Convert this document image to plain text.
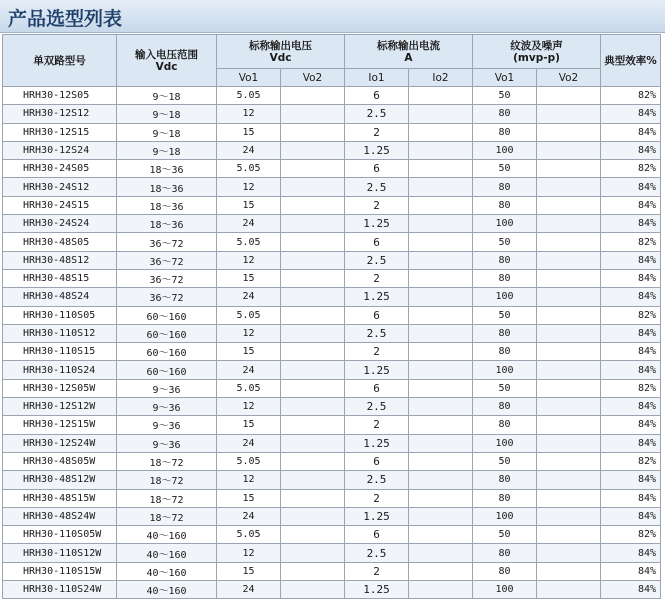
产品选型列表
单双路型号	输入电压范围
Vdc	标称输出电压
Vdc		标称输出电流
A		纹波及噪声
(mvp-p)		典型效率%
		Vo1	Vo2	Io1	Io2	Vo1	Vo2	
HRH30-12S05	9～18	5.05		6		50		82%
HRH30-12S12	9～18	12		2.5		80		84%
HRH30-12S15	9～18	15		2		80		84%
HRH30-12S24	9～18	24		1.25		100		84%
HRH30-24S05	18～36	5.05		6		50		82%
HRH30-24S12	18～36	12		2.5		80		84%
HRH30-24S15	18～36	15		2		80		84%
HRH30-24S24	18～36	24		1.25		100		84%
HRH30-48S05	36～72	5.05		6		50		82%
HRH30-48S12	36～72	12		2.5		80		84%
HRH30-48S15	36～72	15		2		80		84%
HRH30-48S24	36～72	24		1.25		100		84%
HRH30-110S05	60～160	5.05		6		50		82%
HRH30-110S12	60～160	12		2.5		80		84%
HRH30-110S15	60～160	15		2		80		84%
HRH30-110S24	60～160	24		1.25		100		84%
HRH30-12S05W	9～36	5.05		6		50		82%
HRH30-12S12W	9～36	12		2.5		80		84%
HRH30-12S15W	9～36	15		2		80		84%
HRH30-12S24W	9～36	24		1.25		100		84%
HRH30-48S05W	18～72	5.05		6		50		82%
HRH30-48S12W	18～72	12		2.5		80		84%
HRH30-48S15W	18～72	15		2		80		84%
HRH30-48S24W	18～72	24		1.25		100		84%
HRH30-110S05W	40～160	5.05		6		50		82%
HRH30-110S12W	40～160	12		2.5		80		84%
HRH30-110S15W	40～160	15		2		80		84%
HRH30-110S24W	40～160	24		1.25		100		84%
